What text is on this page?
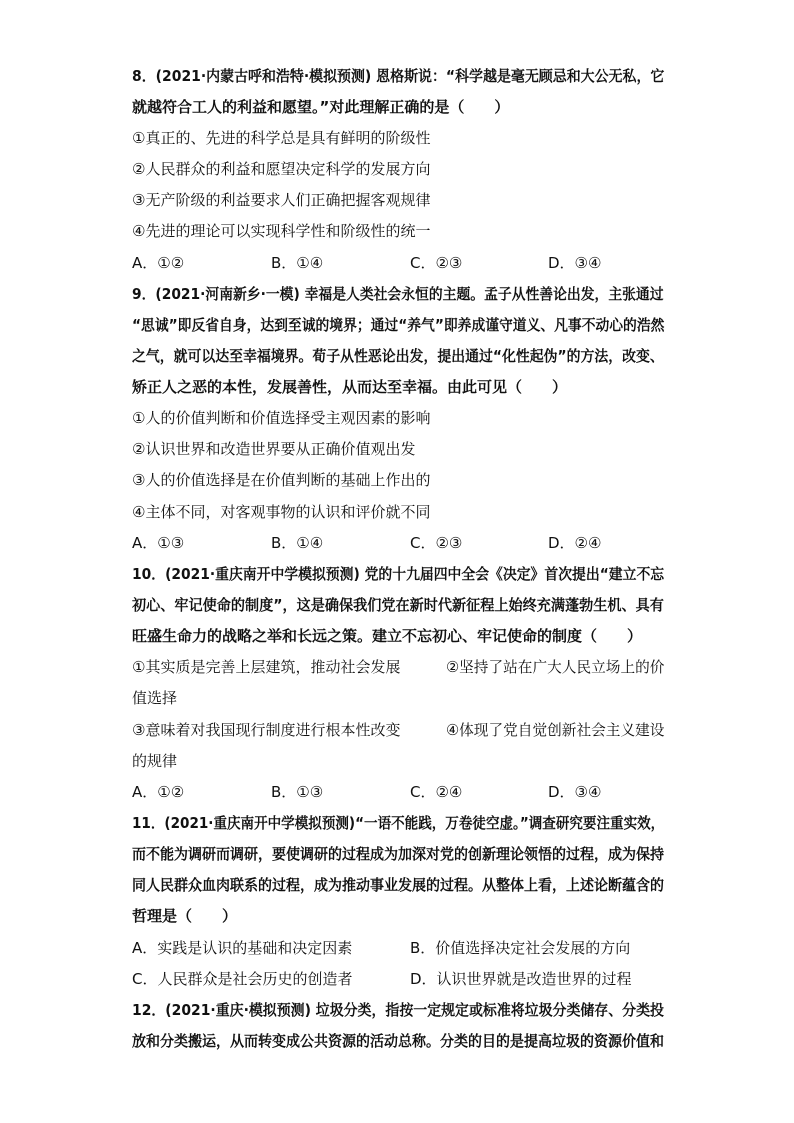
8．(2021·内蒙古呼和浩特·模拟预测) 恩格斯说：“科学越是毫无顾忌和大公无私，它
就越符合工人的利益和愿望。”对此理解正确的是（　　）
①真正的、先进的科学总是具有鲜明的阶级性
②人民群众的利益和愿望决定科学的发展方向
③无产阶级的利益要求人们正确把握客观规律
④先进的理论可以实现科学性和阶级性的统一
A．①②	B．①④	C．②③	D．③④
9．(2021·河南新乡·一模) 幸福是人类社会永恒的主题。孟子从性善论出发，主张通过
“思诚”即反省自身，达到至诚的境界；通过“养气”即养成谨守道义、凡事不动心的浩然
之气，就可以达至幸福境界。荀子从性恶论出发，提出通过“化性起伪”的方法，改变、
矫正人之恶的本性，发展善性，从而达至幸福。由此可见（　　）
①人的价值判断和价值选择受主观因素的影响
②认识世界和改造世界要从正确价值观出发
③人的价值选择是在价值判断的基础上作出的
④主体不同，对客观事物的认识和评价就不同
A．①③	B．①④	C．②③	D．②④
10．(2021·重庆南开中学模拟预测) 党的十九届四中全会《决定》首次提出“建立不忘
初心、牢记使命的制度”，这是确保我们党在新时代新征程上始终充满蓬勃生机、具有
旺盛生命力的战略之举和长远之策。建立不忘初心、牢记使命的制度（　　）
①其实质是完善上层建筑，推动社会发展	②坚持了站在广大人民立场上的价
值选择
③意味着对我国现行制度进行根本性改变	④体现了党自觉创新社会主义建设
的规律
A．①②	B．①③	C．②④	D．③④
11．(2021·重庆南开中学模拟预测)“一语不能践，万卷徒空虚。”调查研究要注重实效，
而不能为调研而调研，要使调研的过程成为加深对党的创新理论领悟的过程，成为保持
同人民群众血肉联系的过程，成为推动事业发展的过程。从整体上看，上述论断蕴含的
哲理是（　　）
A．实践是认识的基础和决定因素	B．价值选择决定社会发展的方向
C．人民群众是社会历史的创造者	D．认识世界就是改造世界的过程
12．(2021·重庆·模拟预测) 垃圾分类，指按一定规定或标准将垃圾分类储存、分类投
放和分类搬运，从而转变成公共资源的活动总称。分类的目的是提高垃圾的资源价值和
